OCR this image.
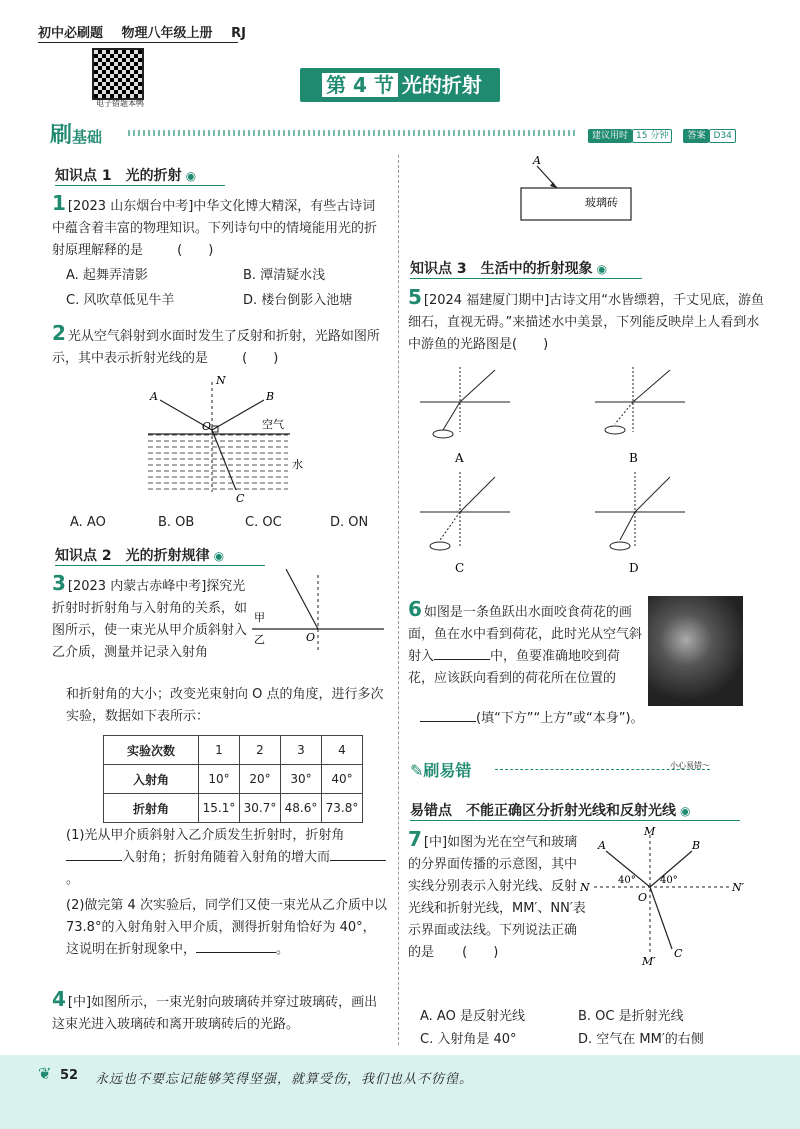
初中必刷题 物理八年级上册 RJ
电子错题本鸭
第 4 节 光的折射
刷基础	建议用时 15 分钟 答案 D34
知识点 1　光的折射 ◉
1 [2023 山东烟台中考]中华文化博大精深，有些古诗词中蕴含着丰富的物理知识。下列诗句中的情境能用光的折射原理解释的是	(　　)
A. 起舞弄清影	B. 潭清疑水浅
C. 风吹草低见牛羊	D. 楼台倒影入池塘
2 光从空气斜射到水面时发生了反射和折射，光路如图所示，其中表示折射光线的是	(　　)
N
A	B
O
C
空气
水
A. AO	B. OB	C. OC	D. ON
知识点 2　光的折射规律 ◉
3 [2023 内蒙古赤峰中考]探究光折射时折射角与入射角的关系，如图所示，使一束光从甲介质斜射入乙介质，测量并记录入射角
甲
乙	O
和折射角的大小；改变光束射向 O 点的角度，进行多次实验，数据如下表所示：
实验次数	1	2	3	4
入射角	10°	20°	30°	40°
折射角	15.1°	30.7°	48.6°	73.8°
(1)光从甲介质斜射入乙介质发生折射时，折射角入射角；折射角随着入射角的增大而。
(2)做完第 4 次实验后，同学们又使一束光从乙介质中以 73.8°的入射角射入甲介质，测得折射角恰好为 40°，这说明在折射现象中，	。
4 [中]如图所示，一束光射向玻璃砖并穿过玻璃砖，画出这束光进入玻璃砖和离开玻璃砖后的光路。
A
玻璃砖
知识点 3　生活中的折射现象 ◉
5 [2024 福建厦门期中]古诗文用“水皆缥碧，千丈见底，游鱼细石，直视无碍。”来描述水中美景，下列能反映岸上人看到水中游鱼的光路图是(　　)
A	B
C	D
6 如图是一条鱼跃出水面咬食荷花的画面，鱼在水中看到荷花，此时光从空气斜射入	中，鱼要准确地咬到荷花，应该跃向看到的荷花所在位置的
(填“下方”“上方”或“本身”)。
✎刷易错	小心易错～
易错点　不能正确区分折射光线和反射光线 ◉
7 [中]如图为光在空气和玻璃的分界面传播的示意图，其中实线分别表示入射光线、反射光线和折射光线，MM′、NN′表示界面或法线。下列说法正确的是 (　　)
M
M′
N	N′
A	B
C
O
40° 40°
A. AO 是反射光线	B. OC 是折射光线
C. 入射角是 40°	D. 空气在 MM′的右侧
❦ 52 永远也不要忘记能够笑得坚强，就算受伤，我们也从不彷徨。
